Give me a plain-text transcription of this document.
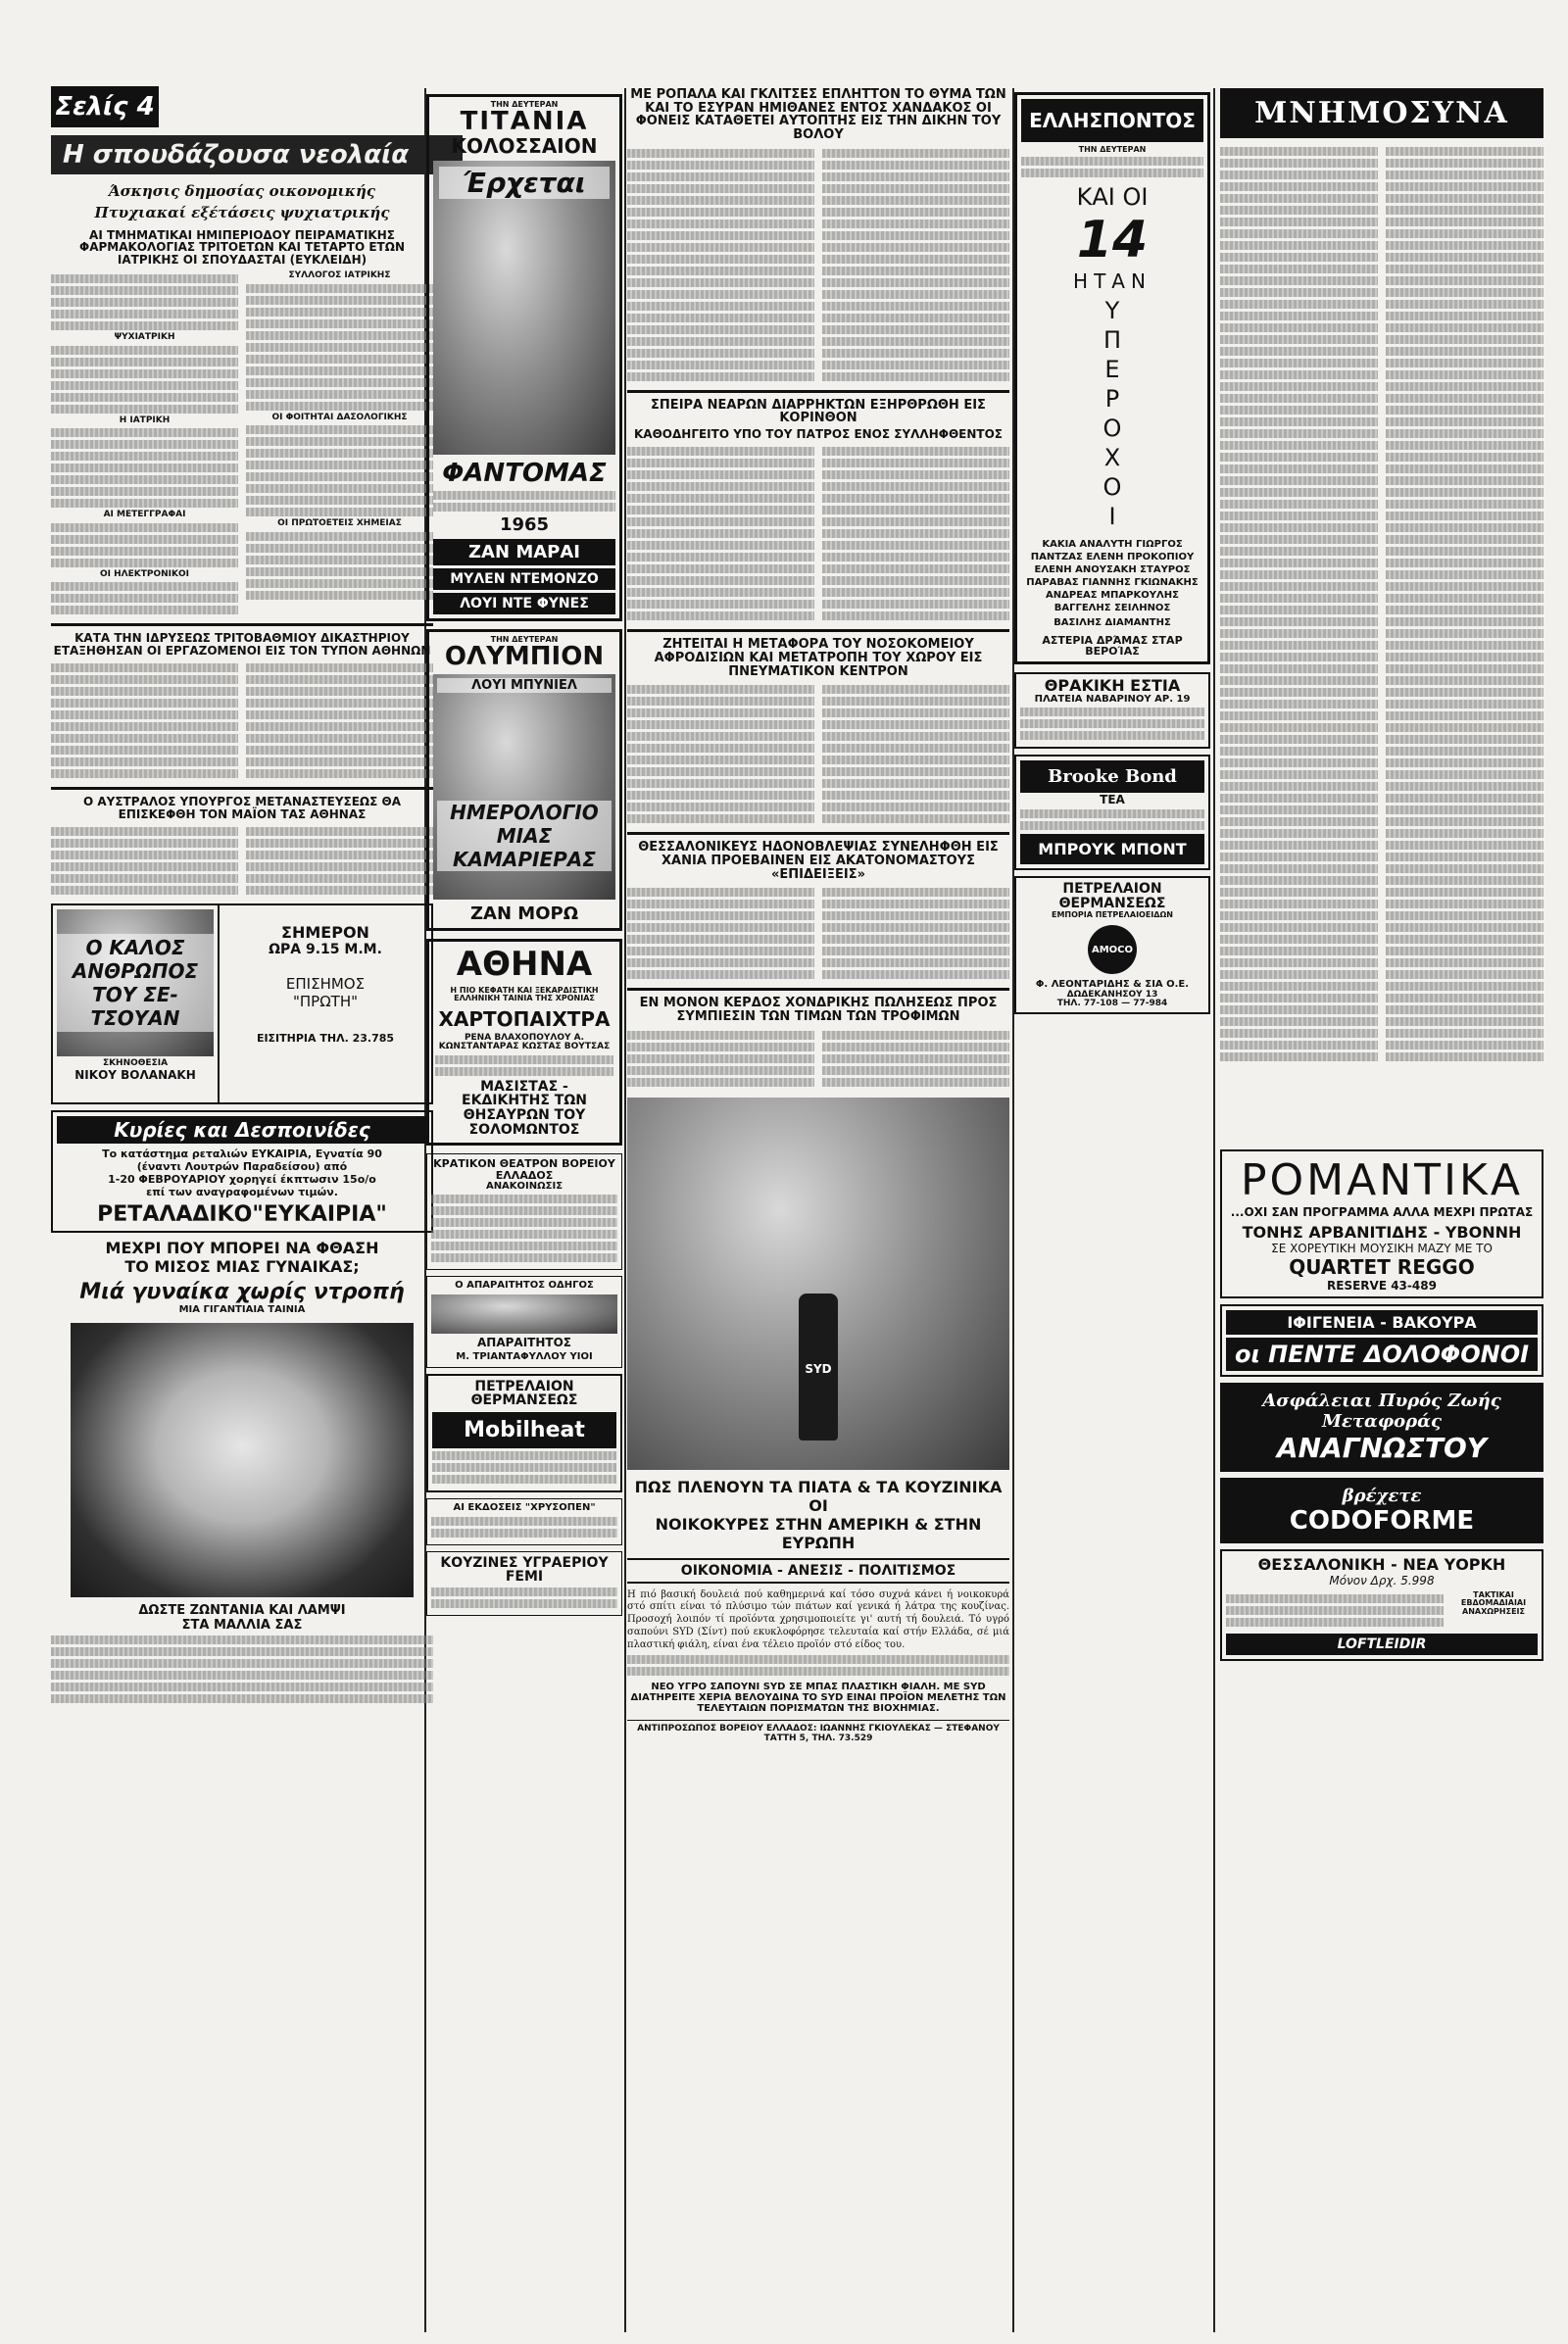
Σελίς 4
Η σπουδάζουσα νεολαία
Άσκησις δημοσίας οικονομικής
Πτυχιακαί εξέτάσεις ψυχιατρικής
ΑΙ ΤΜΗΜΑΤΙΚΑΙ ΗΜΙΠΕΡΙΟΔΟΥ ΠΕΙΡΑΜΑΤΙΚΗΣ ΦΑΡΜΑΚΟΛΟΓΙΑΣ ΤΡΙΤΟΕΤΩΝ ΚΑΙ ΤΕΤΑΡΤΟ ΕΤΩΝ ΙΑΤΡΙΚΗΣ ΟΙ ΣΠΟΥΔΑΣΤΑΙ (ΕΥΚΛΕΙΔΗ)
ΨΥΧΙΑΤΡΙΚΗ
Η ΙΑΤΡΙΚΗ
ΑΙ ΜΕΤΕΓΓΡΑΦΑΙ
ΟΙ ΗΛΕΚΤΡΟΝΙΚΟΙ
ΣΥΛΛΟΓΟΣ ΙΑΤΡΙΚΗΣ
ΟΙ ΦΟΙΤΗΤΑΙ ΔΑΣΟΛΟΓΙΚΗΣ
ΟΙ ΠΡΩΤΟΕΤΕΙΣ ΧΗΜΕΙΑΣ
ΚΑΤΑ ΤΗΝ ΙΔΡΥΣΕΩΣ ΤΡΙΤΟΒΑΘΜΙΟΥ ΔΙΚΑΣΤΗΡΙΟΥ ΕΤΑΞΗΘΗΣΑΝ ΟΙ ΕΡΓΑΖΟΜΕΝΟΙ ΕΙΣ ΤΟΝ ΤΥΠΟΝ ΑΘΗΝΩΝ
Ο ΑΥΣΤΡΑΛΟΣ ΥΠΟΥΡΓΟΣ ΜΕΤΑΝΑΣΤΕΥΣΕΩΣ ΘΑ ΕΠΙΣΚΕΦΘΗ ΤΟΝ ΜΑΪΟΝ ΤΑΣ ΑΘΗΝΑΣ
Ο ΚΑΛΟΣ ΑΝΘΡΩΠΟΣ ΤΟΥ ΣΕ-ΤΣΟΥΑΝ
ΣΚΗΝΟΘΕΣΙΑ
ΝΙΚΟΥ ΒΟΛΑΝΑΚΗ
ΣΗΜΕΡΟΝ
ΩΡΑ 9.15 Μ.Μ.
ΕΠΙΣΗΜΟΣ
"ΠΡΩΤΗ"
ΕΙΣΙΤΗΡΙΑ ΤΗΛ. 23.785
Κυρίες και Δεσποινίδες
Το κατάστημα ρεταλιών ΕΥΚΑΙΡΙΑ, Εγνατία 90
(έναντι Λουτρών Παραδείσου) από
1-20 ΦΕΒΡΟΥΑΡΙΟΥ χορηγεί έκπτωσιν 15ο/ο
επί των αναγραφομένων τιμών.
ΡΕΤΑΛΑΔΙΚΟ"ΕΥΚΑΙΡΙΑ"
ΜΕΧΡΙ ΠΟΥ ΜΠΟΡΕΙ ΝΑ ΦΘΑΣΗ
ΤΟ ΜΙΣΟΣ ΜΙΑΣ ΓΥΝΑΙΚΑΣ;
Μιά γυναίκα χωρίς ντροπή
ΜΙΑ ΓΙΓΑΝΤΙΑΙΑ ΤΑΙΝΙΑ
ΔΩΣΤΕ ΖΩΝΤΑΝΙΑ ΚΑΙ ΛΑΜΨΙ
ΣΤΑ ΜΑΛΛΙΑ ΣΑΣ
ΤΗΝ ΔΕΥΤΕΡΑΝ
ΤΙΤΑΝΙΑ
ΚΟΛΟΣΣΑΙΟΝ
Έρχεται
ΦΑΝΤΟΜΑΣ
1965
ΖΑΝ ΜΑΡΑΙ
ΜΥΛΕΝ ΝΤΕΜΟΝΖΟ
ΛΟΥΙ ΝΤΕ ΦΥΝΕΣ
ΤΗΝ ΔΕΥΤΕΡΑΝ
ΟΛΥΜΠΙΟΝ
ΛΟΥΙ ΜΠΥΝΙΕΛ
ΗΜΕΡΟΛΟΓΙΟ ΜΙΑΣ ΚΑΜΑΡΙΕΡΑΣ
ΖΑΝ ΜΟΡΩ
ΑΘΗΝΑ
Η ΠΙΟ ΚΕΦΑΤΗ ΚΑΙ ΞΕΚΑΡΔΙΣΤΙΚΗ ΕΛΛΗΝΙΚΗ ΤΑΙΝΙΑ ΤΗΣ ΧΡΟΝΙΑΣ
ΧΑΡΤΟΠΑΙΧΤΡΑ
ΡΕΝΑ ΒΛΑΧΟΠΟΥΛΟΥ Α. ΚΩΝΣΤΑΝΤΑΡΑΣ ΚΩΣΤΑΣ ΒΟΥΤΣΑΣ
ΜΑΣΙΣΤΑΣ - ΕΚΔΙΚΗΤΗΣ ΤΩΝ ΘΗΣΑΥΡΩΝ ΤΟΥ ΣΟΛΟΜΩΝΤΟΣ
ΚΡΑΤΙΚΟΝ ΘΕΑΤΡΟΝ ΒΟΡΕΙΟΥ ΕΛΛΑΔΟΣ
ΑΝΑΚΟΙΝΩΣΙΣ
Ο ΑΠΑΡΑΙΤΗΤΟΣ ΟΔΗΓΟΣ
ΑΠΑΡΑΙΤΗΤΟΣ
Μ. ΤΡΙΑΝΤΑΦΥΛΛΟΥ ΥΙΟΙ
ΠΕΤΡΕΛΑΙΟΝ ΘΕΡΜΑΝΣΕΩΣ
Mobilheat
ΑΙ ΕΚΔΟΣΕΙΣ "ΧΡΥΣΟΠΕΝ"
ΚΟΥΖΙΝΕΣ ΥΓΡΑΕΡΙΟΥ FEMI
ΜΕ ΡΟΠΑΛΑ ΚΑΙ ΓΚΛΙΤΣΕΣ ΕΠΛΗΤΤΟΝ ΤΟ ΘΥΜΑ ΤΩΝ ΚΑΙ ΤΟ ΕΣΥΡΑΝ ΗΜΙΘΑΝΕΣ ΕΝΤΟΣ ΧΑΝΔΑΚΟΣ ΟΙ ΦΟΝΕΙΣ ΚΑΤΑΘΕΤΕΙ ΑΥΤΟΠΤΗΣ ΕΙΣ ΤΗΝ ΔΙΚΗΝ ΤΟΥ ΒΟΛΟΥ
ΣΠΕΙΡΑ ΝΕΑΡΩΝ ΔΙΑΡΡΗΚΤΩΝ ΕΞΗΡΘΡΩΘΗ ΕΙΣ ΚΟΡΙΝΘΟΝ
ΚΑΘΟΔΗΓΕΙΤΟ ΥΠΟ ΤΟΥ ΠΑΤΡΟΣ ΕΝΟΣ ΣΥΛΛΗΦΘΕΝΤΟΣ
ΖΗΤΕΙΤΑΙ Η ΜΕΤΑΦΟΡΑ ΤΟΥ ΝΟΣΟΚΟΜΕΙΟΥ ΑΦΡΟΔΙΣΙΩΝ ΚΑΙ ΜΕΤΑΤΡΟΠΗ ΤΟΥ ΧΩΡΟΥ ΕΙΣ ΠΝΕΥΜΑΤΙΚΟΝ ΚΕΝΤΡΟΝ
ΘΕΣΣΑΛΟΝΙΚΕΥΣ ΗΔΟΝΟΒΛΕΨΙΑΣ ΣΥΝΕΛΗΦΘΗ ΕΙΣ ΧΑΝΙΑ ΠΡΟΕΒΑΙΝΕΝ ΕΙΣ ΑΚΑΤΟΝΟΜΑΣΤΟΥΣ «ΕΠΙΔΕΙΞΕΙΣ»
ΕΝ ΜΟΝΟΝ ΚΕΡΔΟΣ ΧΟΝΔΡΙΚΗΣ ΠΩΛΗΣΕΩΣ ΠΡΟΣ ΣΥΜΠΙΕΣΙΝ ΤΩΝ ΤΙΜΩΝ ΤΩΝ ΤΡΟΦΙΜΩΝ
SYD
ΠΩΣ ΠΛΕΝΟΥΝ ΤΑ ΠΙΑΤΑ & ΤΑ ΚΟΥΖΙΝΙΚΑ ΟΙ
ΝΟΙΚΟΚΥΡΕΣ ΣΤΗΝ ΑΜΕΡΙΚΗ & ΣΤΗΝ ΕΥΡΩΠΗ
ΟΙΚΟΝΟΜΙΑ - ΑΝΕΣΙΣ - ΠΟΛΙΤΙΣΜΟΣ
Η πιό βασική δουλειά πού καθημερινά καί τόσο συχνά κάνει ή νοικοκυρά στό σπίτι είναι τό πλύσιμο τών πιάτων καί γενικά ή λάτρα της κουζίνας. Προσοχή λοιπόν τί προϊόντα χρησιμοποιείτε γι' αυτή τή δουλειά. Τό υγρό σαπούνι SYD (Σίντ) πού εκυκλοφόρησε τελευταία καί στήν Ελλάδα, σέ μιά πλαστική φιάλη, είναι ένα τέλειο προϊόν στό είδος του.
ΝΕΟ ΥΓΡΟ ΣΑΠΟΥΝΙ SYD ΣΕ ΜΠΑΣ ΠΛΑΣΤΙΚΗ ΦΙΑΛΗ. ΜΕ SYD ΔΙΑΤΗΡΕΙΤΕ ΧΕΡΙΑ ΒΕΛΟΥΔΙΝΑ ΤΟ SYD ΕΙΝΑΙ ΠΡΟΪΟΝ ΜΕΛΕΤΗΣ ΤΩΝ ΤΕΛΕΥΤΑΙΩΝ ΠΟΡΙΣΜΑΤΩΝ ΤΗΣ ΒΙΟΧΗΜΙΑΣ.
ΑΝΤΙΠΡΟΣΩΠΟΣ ΒΟΡΕΙΟΥ ΕΛΛΑΔΟΣ: ΙΩΑΝΝΗΣ ΓΚΙΟΥΛΕΚΑΣ — ΣΤΕΦΑΝΟΥ ΤΑΤΤΗ 5, ΤΗΛ. 73.529
ΕΛΛΗΣΠΟΝΤΟΣ
ΤΗΝ ΔΕΥΤΕΡΑΝ
ΚΑΙ ΟΙ
14
ΗΤΑΝ
ΥΠΕΡΟΧΟΙ
ΚΑΚΙΑ ΑΝΑΛΥΤΗ ΓΙΩΡΓΟΣ ΠΑΝΤΖΑΣ ΕΛΕΝΗ ΠΡΟΚΟΠΙΟΥ ΕΛΕΝΗ ΑΝΟΥΣΑΚΗ ΣΤΑΥΡΟΣ ΠΑΡΑΒΑΣ ΓΙΑΝΝΗΣ ΓΚΙΩΝΑΚΗΣ ΑΝΔΡΕΑΣ ΜΠΑΡΚΟΥΛΗΣ ΒΑΓΓΕΛΗΣ ΣΕΙΛΗΝΟΣ
ΒΑΣΙΛΗΣ ΔΙΑΜΑΝΤΗΣ
ΑΣΤΕΡΙΑ ΔΡΆΜΑΣ ΣΤΑΡ ΒΕΡΟΊΑΣ
ΘΡΑΚΙΚΗ ΕΣΤΙΑ
ΠΛΑΤΕΙΑ ΝΑΒΑΡΙΝΟΥ ΑΡ. 19
Brooke Bond
TEA
ΜΠΡΟΥΚ ΜΠΟΝΤ
ΠΕΤΡΕΛΑΙΟΝ ΘΕΡΜΑΝΣΕΩΣ
ΕΜΠΟΡΙΑ ΠΕΤΡΕΛΑΙΟΕΙΔΩΝ
AMOCO
Φ. ΛΕΟΝΤΑΡΙΔΗΣ & ΣΙΑ Ο.Ε.
ΔΩΔΕΚΑΝΗΣΟΥ 13
ΤΗΛ. 77-108 — 77-984
ΜΝΗΜΟΣΥΝΑ
ΡΟΜΑΝΤΙΚΑ
...ΟΧΙ ΣΑΝ ΠΡΟΓΡΑΜΜΑ ΑΛΛΑ ΜΕΧΡΙ ΠΡΩΤΑΣ
ΤΟΝΗΣ ΑΡΒΑΝΙΤΙΔΗΣ - ΥΒΟΝΝΗ
ΣΕ ΧΟΡΕΥΤΙΚΗ ΜΟΥΣΙΚΗ ΜΑΖΥ ΜΕ ΤΟ
QUARTET REGGO
RESERVE 43-489
ΙΦΙΓΕΝΕΙΑ - ΒΑΚΟΥΡΑ
οι ΠΕΝΤΕ ΔΟΛΟΦΟΝΟΙ
Ασφάλειαι Πυρός Ζωής Μεταφοράς
ΑΝΑΓΝΩΣΤΟΥ
βρέχετε
CODOFORME
ΘΕΣΣΑΛΟΝΙΚΗ - ΝΕΑ ΥΟΡΚΗ
Μόνον Δρχ. 5.998
ΤΑΚΤΙΚΑΙ ΕΒΔΟΜΑΔΙΑΙΑΙ ΑΝΑΧΩΡΗΣΕΙΣ
LOFTLEIDIR
